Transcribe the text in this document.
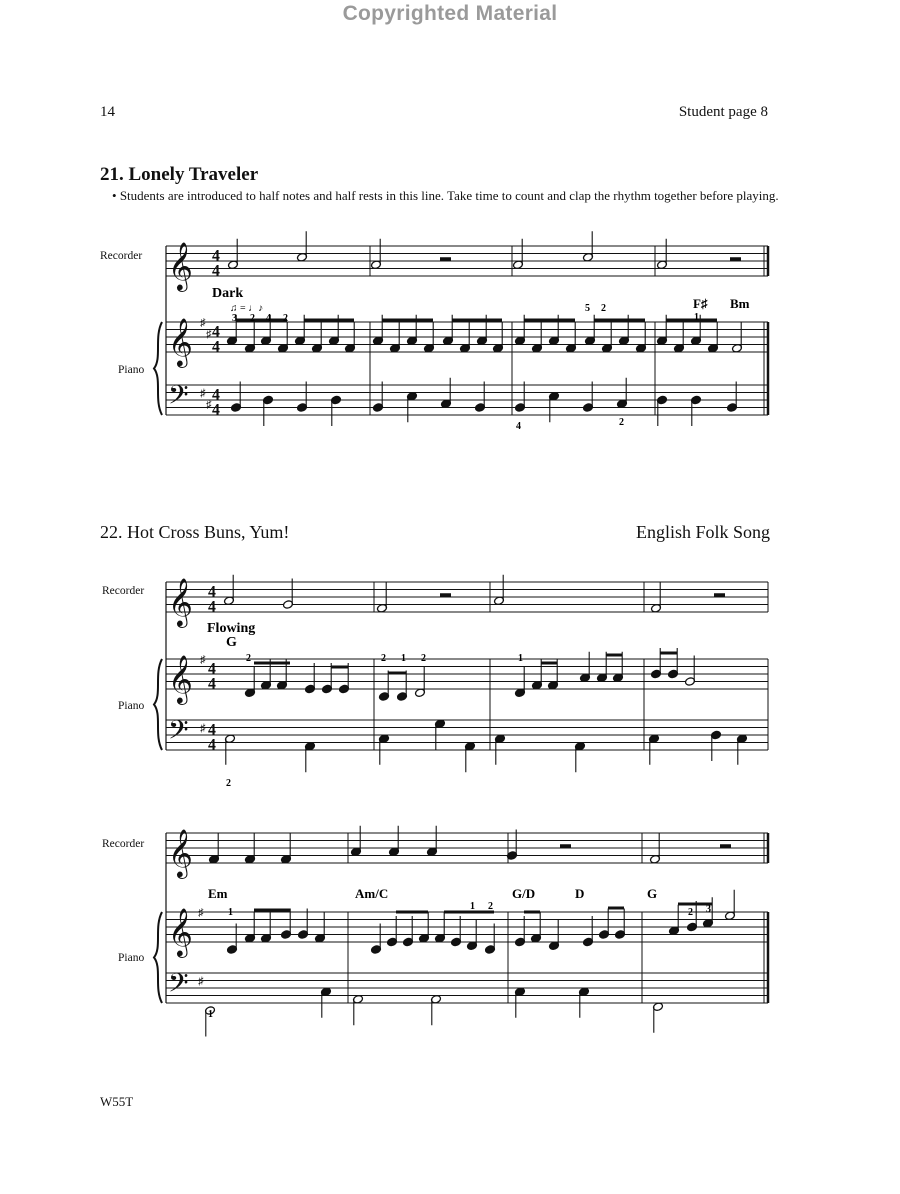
Copyrighted Material
14	Student page 8
21. Lonely Traveler
• Students are introduced to half notes and half rests in this line. Take time to count and clap the rhythm together before playing.
Recorder
Piano
22. Hot Cross Buns, Yum!	English Folk Song
Recorder
Piano
Recorder
Piano
W55T
𝄞
𝄞
𝄢
♯
♯
♯
♯
4
4
4
4
4
4
𝄞
𝄞
𝄢
♯
♯
4
4
4
4
4
4
𝄞
𝄞
𝄢
♯
♯
Dark
♫ = ♩♪	F♯ Bm
3 2 4 2
5 2
1
4	2
Flowing
G
2	2 1 2	1
2
Em	Am/C	G/D	D	G
1
1 2
2 3
1
